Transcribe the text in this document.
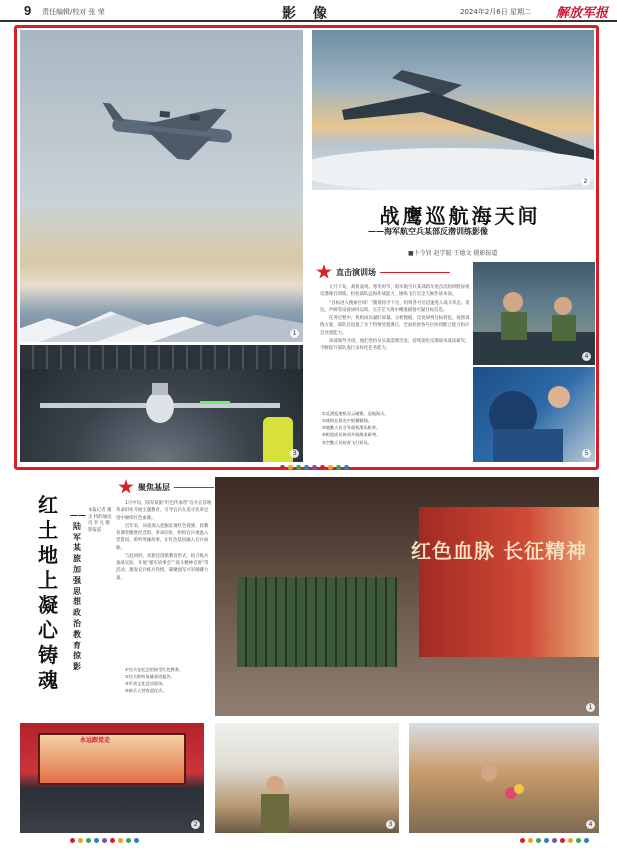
9 责任编辑/校对 张 荣	影 像	2024年2月6日 星期二 解放军报
1
2
3
战鹰巡航海天间
——海军航空兵某部反潜训练影像
■卜令钊 赵学聪 王德文 摄影报道
直击演训场

元月下旬，战机轰鸣。寒冬时节，海军航空兵某部新年度首次组织跨昼夜反潜课目训练，检验部队远海作战能力，锤炼飞行员全天候作战本领。

“目标进入搜索区域！”随着指令下达，机组各号位迅速进入战斗状态。雷达、声呐等设备协同运转，在茫茫大海中精准捕捉可疑目标信息。

任务过程中，机组成员紧盯屏幕、分析数据，反复研判目标特征。按照训练方案，部队还设置了多个特情处置课目，全面检验各号位协同配合能力和应急处置能力。

该部领导介绍，他们坚持从实战需要出发，持续深化反潜战术战法研究，不断提升部队遂行多样化任务能力。

4
5
①反潜巡逻机穿云破雾，巡航海天。
②战机在晨光中展翼翱翔。
③地勤人员引导战机滑出机库。
④机组成员协同开展战术研判。
⑤空勤人员检查飞行装具。
聚焦基层
红土地上凝心铸魂
——陆军某旅加强思想政治教育掠影
本报记者 谢 杰 特约通讯员 李 凡 摄影报道

1月中旬，陆军某旅“红色传承营”官兵在驻地革命旧址开展主题教育，引导官兵在追寻先辈足迹中赓续红色血脉。

近年来，该旅深入挖掘驻地红色资源，将教育课堂搬进纪念馆、革命旧址，组织官兵重温入党誓词、聆听英雄故事，让红色基因融入官兵血脉。

与此同时，该旅还创新教育形式，结合练兵备战实际，开展“强军故事会”“战斗精神宣讲”等活动，激发官兵练兵热情，凝聚强军兴军磅礴力量。

①官兵在纪念馆接受红色教育。
②官兵聆听英雄事迹报告。
③军营文化活动现场。
④新兵入营欢迎仪式。
红色血脉 长征精神
1
永远跟党走
2	3	4
